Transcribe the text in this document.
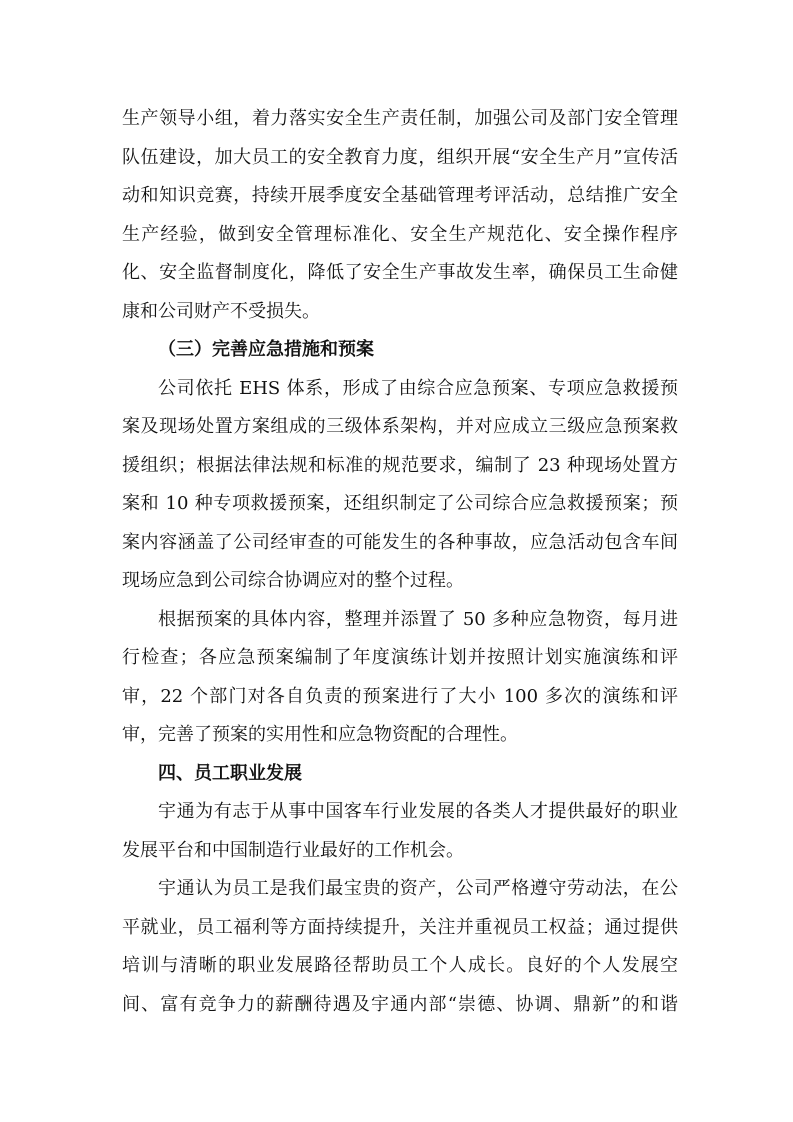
生产领导小组，着力落实安全生产责任制，加强公司及部门安全管理队伍建设，加大员工的安全教育力度，组织开展“安全生产月”宣传活动和知识竞赛，持续开展季度安全基础管理考评活动，总结推广安全生产经验，做到安全管理标准化、安全生产规范化、安全操作程序化、安全监督制度化，降低了安全生产事故发生率，确保员工生命健康和公司财产不受损失。

（三）完善应急措施和预案

公司依托 EHS 体系，形成了由综合应急预案、专项应急救援预案及现场处置方案组成的三级体系架构，并对应成立三级应急预案救援组织；根据法律法规和标准的规范要求，编制了 23 种现场处置方案和 10 种专项救援预案，还组织制定了公司综合应急救援预案；预案内容涵盖了公司经审查的可能发生的各种事故，应急活动包含车间现场应急到公司综合协调应对的整个过程。

根据预案的具体内容，整理并添置了 50 多种应急物资，每月进行检查；各应急预案编制了年度演练计划并按照计划实施演练和评审，22 个部门对各自负责的预案进行了大小 100 多次的演练和评审，完善了预案的实用性和应急物资配的合理性。

四、员工职业发展

宇通为有志于从事中国客车行业发展的各类人才提供最好的职业发展平台和中国制造行业最好的工作机会。

宇通认为员工是我们最宝贵的资产，公司严格遵守劳动法，在公平就业，员工福利等方面持续提升，关注并重视员工权益；通过提供培训与清晰的职业发展路径帮助员工个人成长。良好的个人发展空间、富有竞争力的薪酬待遇及宇通内部“崇德、协调、鼎新”的和谐
